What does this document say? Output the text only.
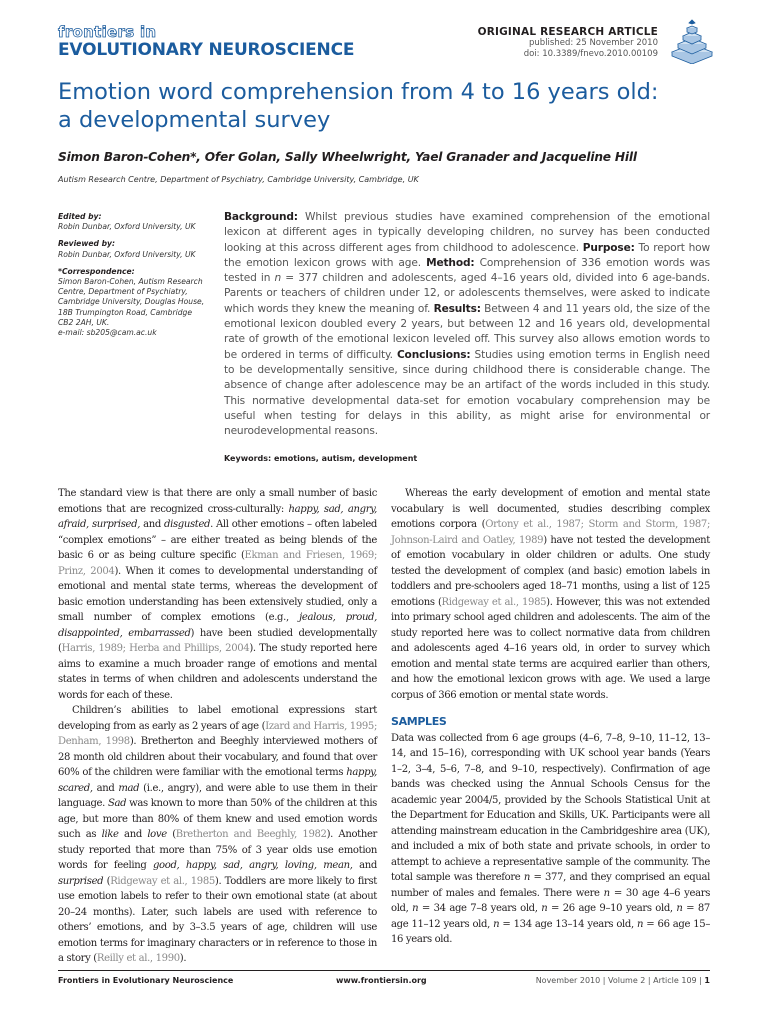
frontiers in
EVOLUTIONARY NEUROSCIENCE
ORIGINAL RESEARCH ARTICLE
published: 25 November 2010
doi: 10.3389/fnevo.2010.00109
Emotion word comprehension from 4 to 16 years old:
a developmental survey
Simon Baron-Cohen*, Ofer Golan, Sally Wheelwright, Yael Granader and Jacqueline Hill
Autism Research Centre, Department of Psychiatry, Cambridge University, Cambridge, UK
Edited by:
Robin Dunbar, Oxford University, UK
Reviewed by:
Robin Dunbar, Oxford University, UK
*Correspondence:
Simon Baron-Cohen, Autism Research
Centre, Department of Psychiatry,
Cambridge University, Douglas House,
18B Trumpington Road, Cambridge
CB2 2AH, UK.
e-mail: sb205@cam.ac.uk
Background: Whilst previous studies have examined comprehension of the emotional lexicon at different ages in typically developing children, no survey has been conducted looking at this across different ages from childhood to adolescence. Purpose: To report how the emotion lexicon grows with age. Method: Comprehension of 336 emotion words was tested in n = 377 children and adolescents, aged 4–16 years old, divided into 6 age-bands. Parents or teachers of children under 12, or adolescents themselves, were asked to indicate which words they knew the meaning of. Results: Between 4 and 11 years old, the size of the emotional lexicon doubled every 2 years, but between 12 and 16 years old, developmental rate of growth of the emotional lexicon leveled off. This survey also allows emotion words to be ordered in terms of difficulty. Conclusions: Studies using emotion terms in English need to be developmentally sensitive, since during childhood there is considerable change. The absence of change after adolescence may be an artifact of the words included in this study. This normative developmental data-set for emotion vocabulary comprehension may be useful when testing for delays in this ability, as might arise for environmental or neurodevelopmental reasons.
Keywords: emotions, autism, development

The standard view is that there are only a small number of basic emotions that are recognized cross-culturally: happy, sad, angry, afraid, surprised, and disgusted. All other emotions – often labeled “complex emotions” – are either treated as being blends of the basic 6 or as being culture specific (Ekman and Friesen, 1969; Prinz, 2004). When it comes to developmental understanding of emotional and mental state terms, whereas the development of basic emotion understanding has been extensively studied, only a small number of complex emotions (e.g., jealous, proud, disappointed, embarrassed) have been studied developmentally (Harris, 1989; Herba and Phillips, 2004). The study reported here aims to examine a much broader range of emotions and mental states in terms of when children and adolescents understand the words for each of these.

Children’s abilities to label emotional expressions start developing from as early as 2 years of age (Izard and Harris, 1995; Denham, 1998). Bretherton and Beeghly interviewed mothers of 28 month old children about their vocabulary, and found that over 60% of the children were familiar with the emotional terms happy, scared, and mad (i.e., angry), and were able to use them in their language. Sad was known to more than 50% of the children at this age, but more than 80% of them knew and used emotion words such as like and love (Bretherton and Beeghly, 1982). Another study reported that more than 75% of 3 year olds use emotion words for feeling good, happy, sad, angry, loving, mean, and surprised (Ridgeway et al., 1985). Toddlers are more likely to first use emotion labels to refer to their own emotional state (at about 20–24 months). Later, such labels are used with reference to others’ emotions, and by 3–3.5 years of age, children will use emotion terms for imaginary characters or in reference to those in a story (Reilly et al., 1990).

Whereas the early development of emotion and mental state vocabulary is well documented, studies describing complex emotions corpora (Ortony et al., 1987; Storm and Storm, 1987; Johnson-Laird and Oatley, 1989) have not tested the development of emotion vocabulary in older children or adults. One study tested the development of complex (and basic) emotion labels in toddlers and pre-schoolers aged 18–71 months, using a list of 125 emotions (Ridgeway et al., 1985). However, this was not extended into primary school aged children and adolescents. The aim of the study reported here was to collect normative data from children and adolescents aged 4–16 years old, in order to survey which emotion and mental state terms are acquired earlier than others, and how the emotional lexicon grows with age. We used a large corpus of 366 emotion or mental state words.

SAMPLES

Data was collected from 6 age groups (4–6, 7–8, 9–10, 11–12, 13–14, and 15–16), corresponding with UK school year bands (Years 1–2, 3–4, 5–6, 7–8, and 9–10, respectively). Confirmation of age bands was checked using the Annual Schools Census for the academic year 2004/5, provided by the Schools Statistical Unit at the Department for Education and Skills, UK. Participants were all attending mainstream education in the Cambridgeshire area (UK), and included a mix of both state and private schools, in order to attempt to achieve a representative sample of the community. The total sample was therefore n = 377, and they comprised an equal number of males and females. There were n = 30 age 4–6 years old, n = 34 age 7–8 years old, n = 26 age 9–10 years old, n = 87 age 11–12 years old, n = 134 age 13–14 years old, n = 66 age 15–16 years old.

Frontiers in Evolutionary Neuroscience	www.frontiersin.org	November 2010 | Volume 2 | Article 109 | 1
